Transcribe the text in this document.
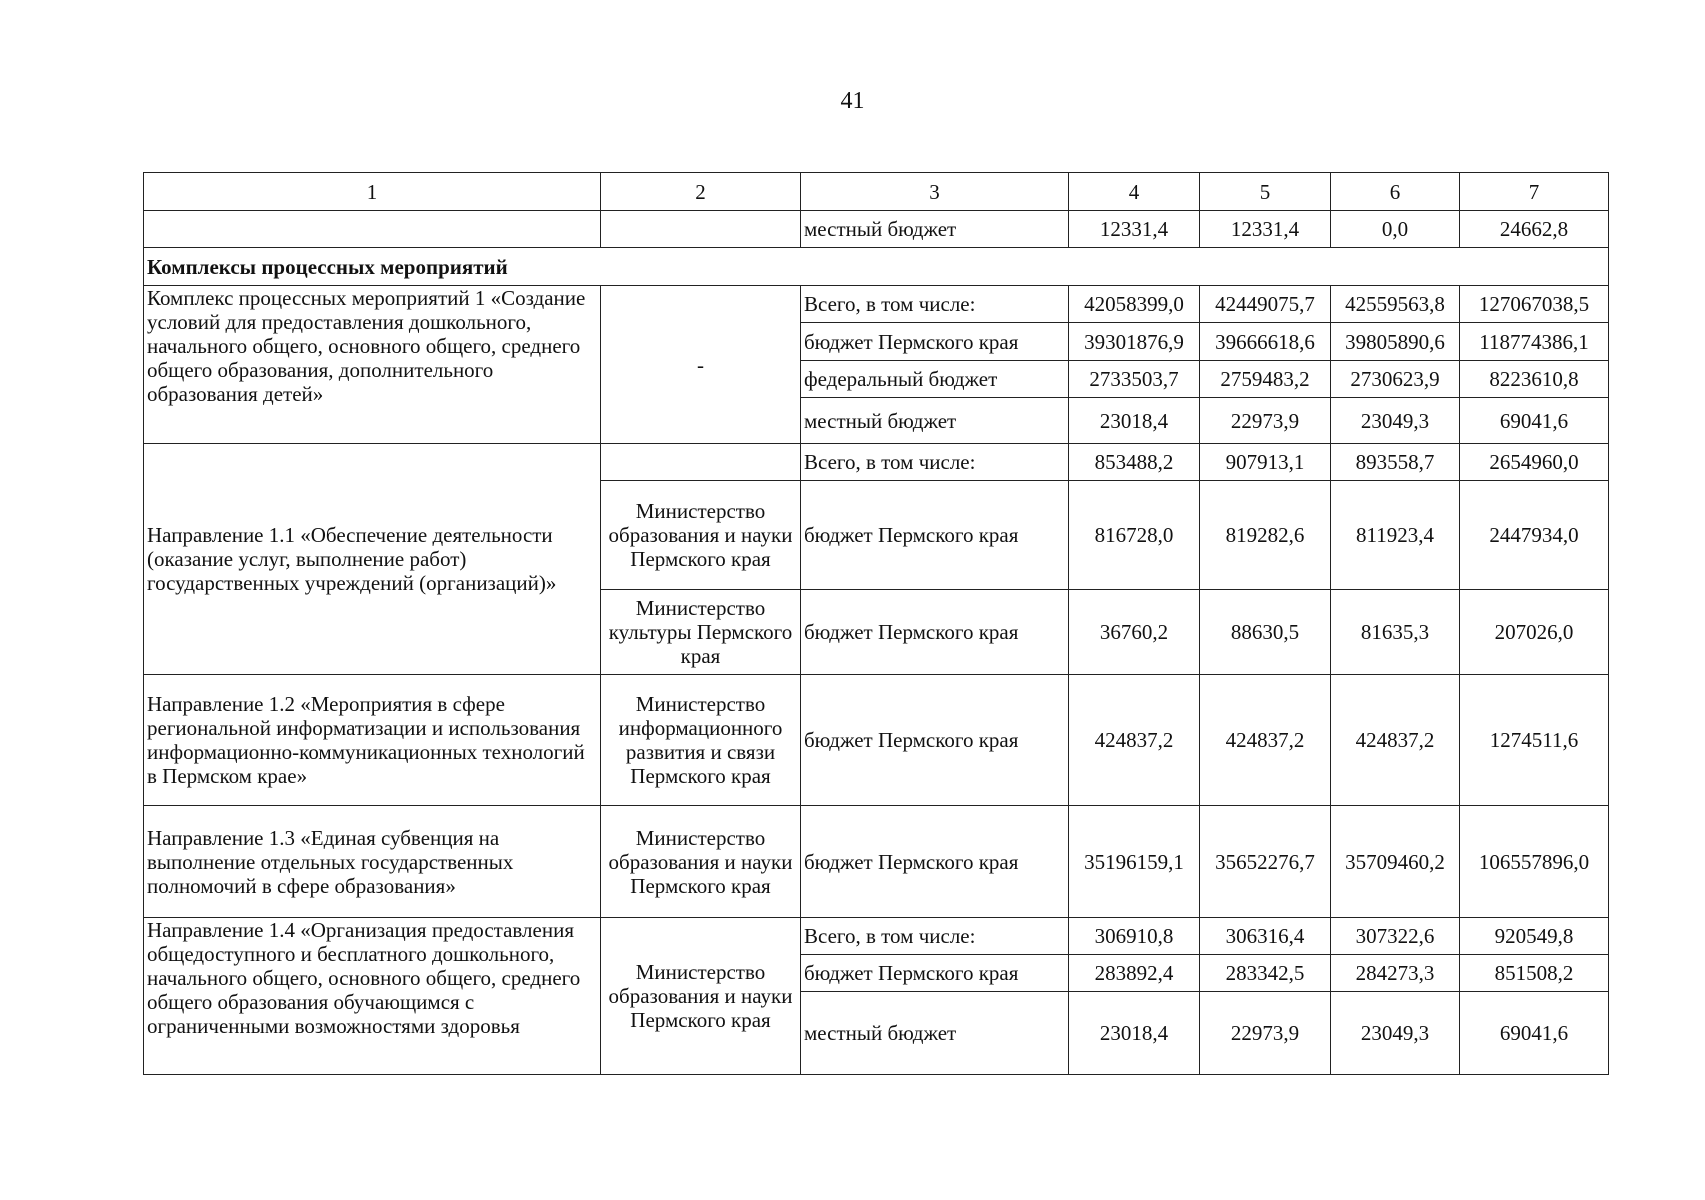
41
1	2	3	4	5	6	7
		местный бюджет	12331,4	12331,4	0,0	24662,8
Комплексы процессных мероприятий						
Комплекс процессных мероприятий 1 «Создание условий для предоставления дошкольного, начального общего, основного общего, среднего общего образования, дополнительного образования детей»	-	Всего, в том числе:	42058399,0	42449075,7	42559563,8	127067038,5
		бюджет Пермского края	39301876,9	39666618,6	39805890,6	118774386,1
		федеральный бюджет	2733503,7	2759483,2	2730623,9	8223610,8
		местный бюджет	23018,4	22973,9	23049,3	69041,6
Направление 1.1 «Обеспечение деятельности (оказание услуг, выполнение работ) государственных учреждений (организаций)»		Всего, в том числе:	853488,2	907913,1	893558,7	2654960,0
	Министерство образования и науки Пермского края	бюджет Пермского края	816728,0	819282,6	811923,4	2447934,0
	Министерство культуры Пермского края	бюджет Пермского края	36760,2	88630,5	81635,3	207026,0
Направление 1.2 «Мероприятия в сфере региональной информатизации и использования информационно-коммуникационных технологий в Пермском крае»	Министерство информационного развития и связи Пермского края	бюджет Пермского края	424837,2	424837,2	424837,2	1274511,6
Направление 1.3 «Единая субвенция на выполнение отдельных государственных полномочий в сфере образования»	Министерство образования и науки Пермского края	бюджет Пермского края	35196159,1	35652276,7	35709460,2	106557896,0
Направление 1.4 «Организация предоставления общедоступного и бесплатного дошкольного, начального общего, основного общего, среднего общего образования обучающимся с ограниченными возможностями здоровья	Министерство образования и науки Пермского края	Всего, в том числе:	306910,8	306316,4	307322,6	920549,8
		бюджет Пермского края	283892,4	283342,5	284273,3	851508,2
		местный бюджет	23018,4	22973,9	23049,3	69041,6
